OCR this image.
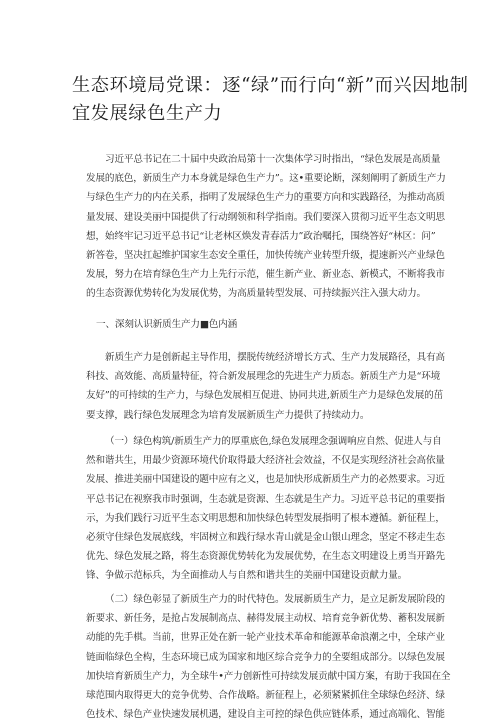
生态环境局党课：逐“绿”而行向“新”而兴因地制
宜发展绿色生产力
习近平总书记在二十届中央政治局第十一次集体学习时指出，“绿色发展是高质量
发展的底色，新质生产力本身就是绿色生产力”。这•重要论断，深刻阐明了新质生产力
与绿色生产力的内在关系，指明了发展绿色生产力的重要方向和实践路径，为推动高质
量发展、建设美丽中国提供了行动纲领和科学指南。我们要深入贯彻习近平生态文明思
想，始终牢记习近平总书记“让老林区焕发青春活力”政治嘱托，围绕答好“林区：问”
新答卷，坚决扛起维护国家生态安全重任，加快传统产业转型升级，提速新兴产业绿色
发展，努力在培育绿色生产力上先行示范，催生新产业、新业态、新模式，不断将我市
的生态资源优势转化为发展优势，为高质量转型发展、可持续振兴注入强大动力。
一、深刻认识新质生产力■色内涵
新质生产力是创新起主导作用，摆脱传统经济增长方式、生产力发展路径，具有高
科技、高效能、高质量特征，符合新发展理念的先进生产力质态。新质生产力是“环境
友好”的可持续的生产力，与绿色发展相互促进、协同共进,新质生产力是绿色发展的茁
要支撑，践行绿色发展理念为培育发展新质生产力提供了持续动力。
（一）绿色构筑/新质生产力的厚重底色,绿色发展理念强调响应自然、促进人与自
然和谐共生，用最少资源环境代价取得最大经济社会效益，不仅是实现经济社会高依量
发展、推进美丽中国建设的题中应有之义，也是加快形成新质生产力的必然要求。习近
平总书记在视察我市时强调，生态就是资源、生态就是生产力。习近平总书记的重要指
示，为我们践行习近平生态文明思想和加快绿色转型发展指明了根本遵循。新征程上，
必须守住绿色发展底线，牢固树立和践行绿水青山就是金山银山理念，坚定不移走生态
优先、绿色发展之路，将生态资源优势转化为发展优势，在生态文明建设上勇当开路先
锋、争做示范标兵，为全面推动人与自然和谐共生的美丽中国建设贡献力量。
（二）绿色彰显了新质生产力的时代特色。发展新质生产力，是立足新发展阶段的
新要求、新任务，是抢占发展制高点、赫得发展主动权、培育竞争新优势、蓄积发展新
动能的先手棋。当前，世界正处在新一轮产业技术革命和能源革命浪潮之中，全球产业
链面临绿色全构，生态环境已成为国家和地区综合竞争力的全要组成部分。以绿色发展
加快培育新质生产力，为全球牛•产力创新性可持续发展贡献中国方案，有助于我国在全
球范围内取得更大的竞争优势、合作战略。新征程上，必须紧紧抓住全球绿色经济、绿
色技术、绿色产业快速发展机遇，建设自主可控的绿色供应链体系，通过高端化、智能
